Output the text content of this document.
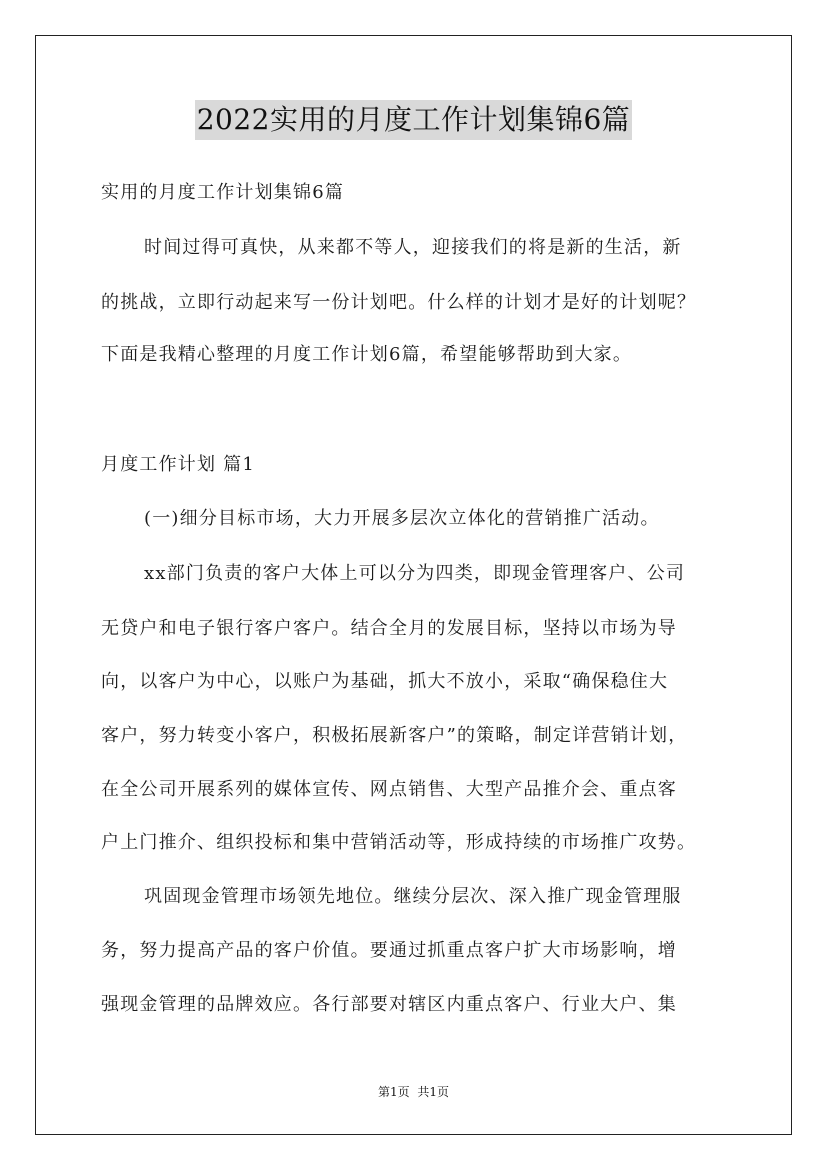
2022实用的月度工作计划集锦6篇
实用的月度工作计划集锦6篇
时间过得可真快，从来都不等人，迎接我们的将是新的生活，新
的挑战，立即行动起来写一份计划吧。什么样的计划才是好的计划呢？
下面是我精心整理的月度工作计划6篇，希望能够帮助到大家。
月度工作计划 篇1
(一)细分目标市场，大力开展多层次立体化的营销推广活动。
xx部门负责的客户大体上可以分为四类，即现金管理客户、公司
无贷户和电子银行客户客户。结合全月的发展目标，坚持以市场为导
向，以客户为中心，以账户为基础，抓大不放小，采取“确保稳住大
客户，努力转变小客户，积极拓展新客户”的策略，制定详营销计划，
在全公司开展系列的媒体宣传、网点销售、大型产品推介会、重点客
户上门推介、组织投标和集中营销活动等，形成持续的市场推广攻势。
巩固现金管理市场领先地位。继续分层次、深入推广现金管理服
务，努力提高产品的客户价值。要通过抓重点客户扩大市场影响，增
强现金管理的品牌效应。各行部要对辖区内重点客户、行业大户、集
第1页 共1页
